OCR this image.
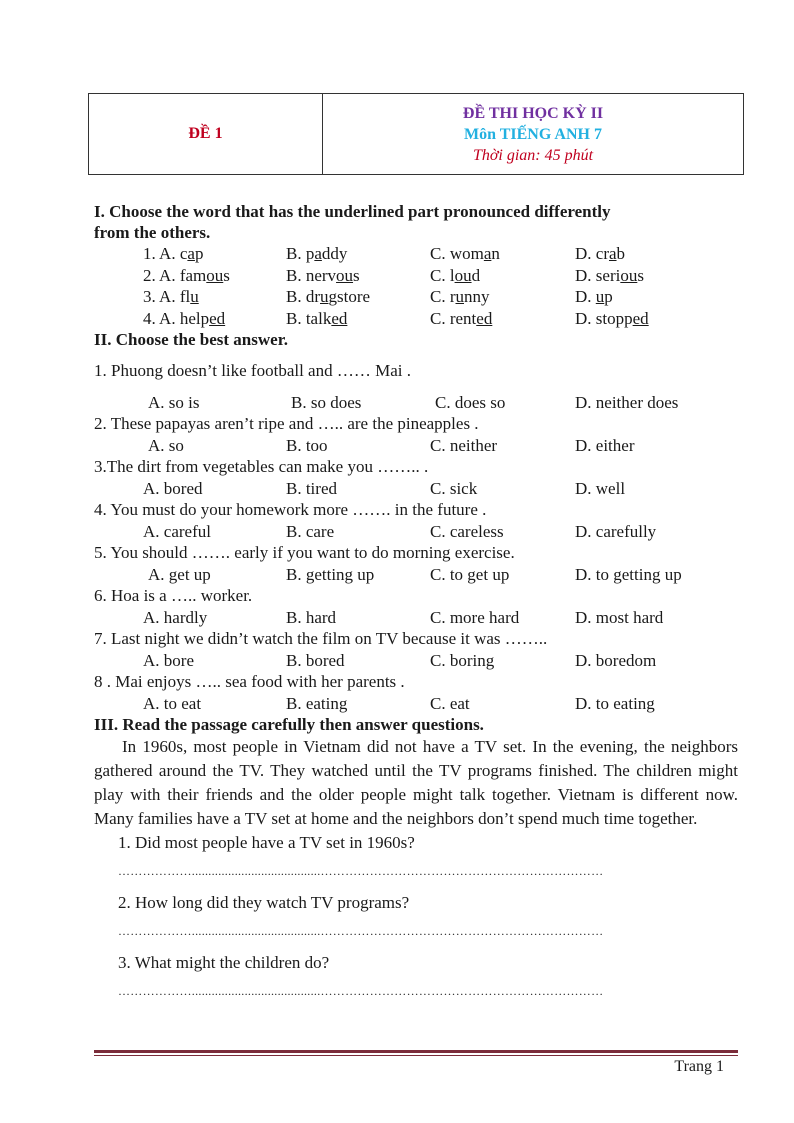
ĐỀ 1
ĐỀ THI HỌC KỲ II
Môn TIẾNG ANH 7
Thời gian: 45 phút
I. Choose the word that has the underlined part pronounced differently
from the others.
1. A. cap	B. paddy	C. woman	D. crab
2. A. famous	B. nervous	C. loud	D. serious
3. A. flu	B. drugstore	C. runny	D. up
4. A. helped	B. talked	C. rented	D. stopped
II. Choose the best answer.
1. Phuong doesn’t like football and …… Mai .
A. so is	B. so does	C. does so	D. neither does
2. These papayas aren’t ripe and ….. are the pineapples .
A. so	B. too	C. neither	D. either
3.The dirt from vegetables can make you …….. .
A. bored	B. tired	C. sick	D. well
4. You must do your homework more ……. in the future .
A. careful	B. care	C. careless	D. carefully
5. You should ……. early if you want to do morning exercise.
A. get up	B. getting up	C. to get up	D. to getting up
6. Hoa is a ….. worker.
A. hardly	B. hard	C. more hard	D. most hard
7. Last night we didn’t watch the film on TV because it was ……..
A. bore	B. bored	C. boring	D. boredom
8 . Mai enjoys ….. sea food with her parents .
A. to eat	B. eating	C. eat	D. to eating
III. Read the passage carefully then answer questions.

In 1960s, most people in Vietnam did not have a TV set. In the evening, the neighbors gathered around the TV. They watched until the TV programs finished. The children might play with their friends and the older people might talk together. Vietnam is different now. Many families have a TV set at home and the neighbors don’t spend much time together.

1. Did most people have a TV set in 1960s?
……………….......................................……………………………………………………………
2. How long did they watch TV programs?
……………….......................................……………………………………………………………
3. What might the children do?
……………….......................................……………………………………………………………
Trang 1
